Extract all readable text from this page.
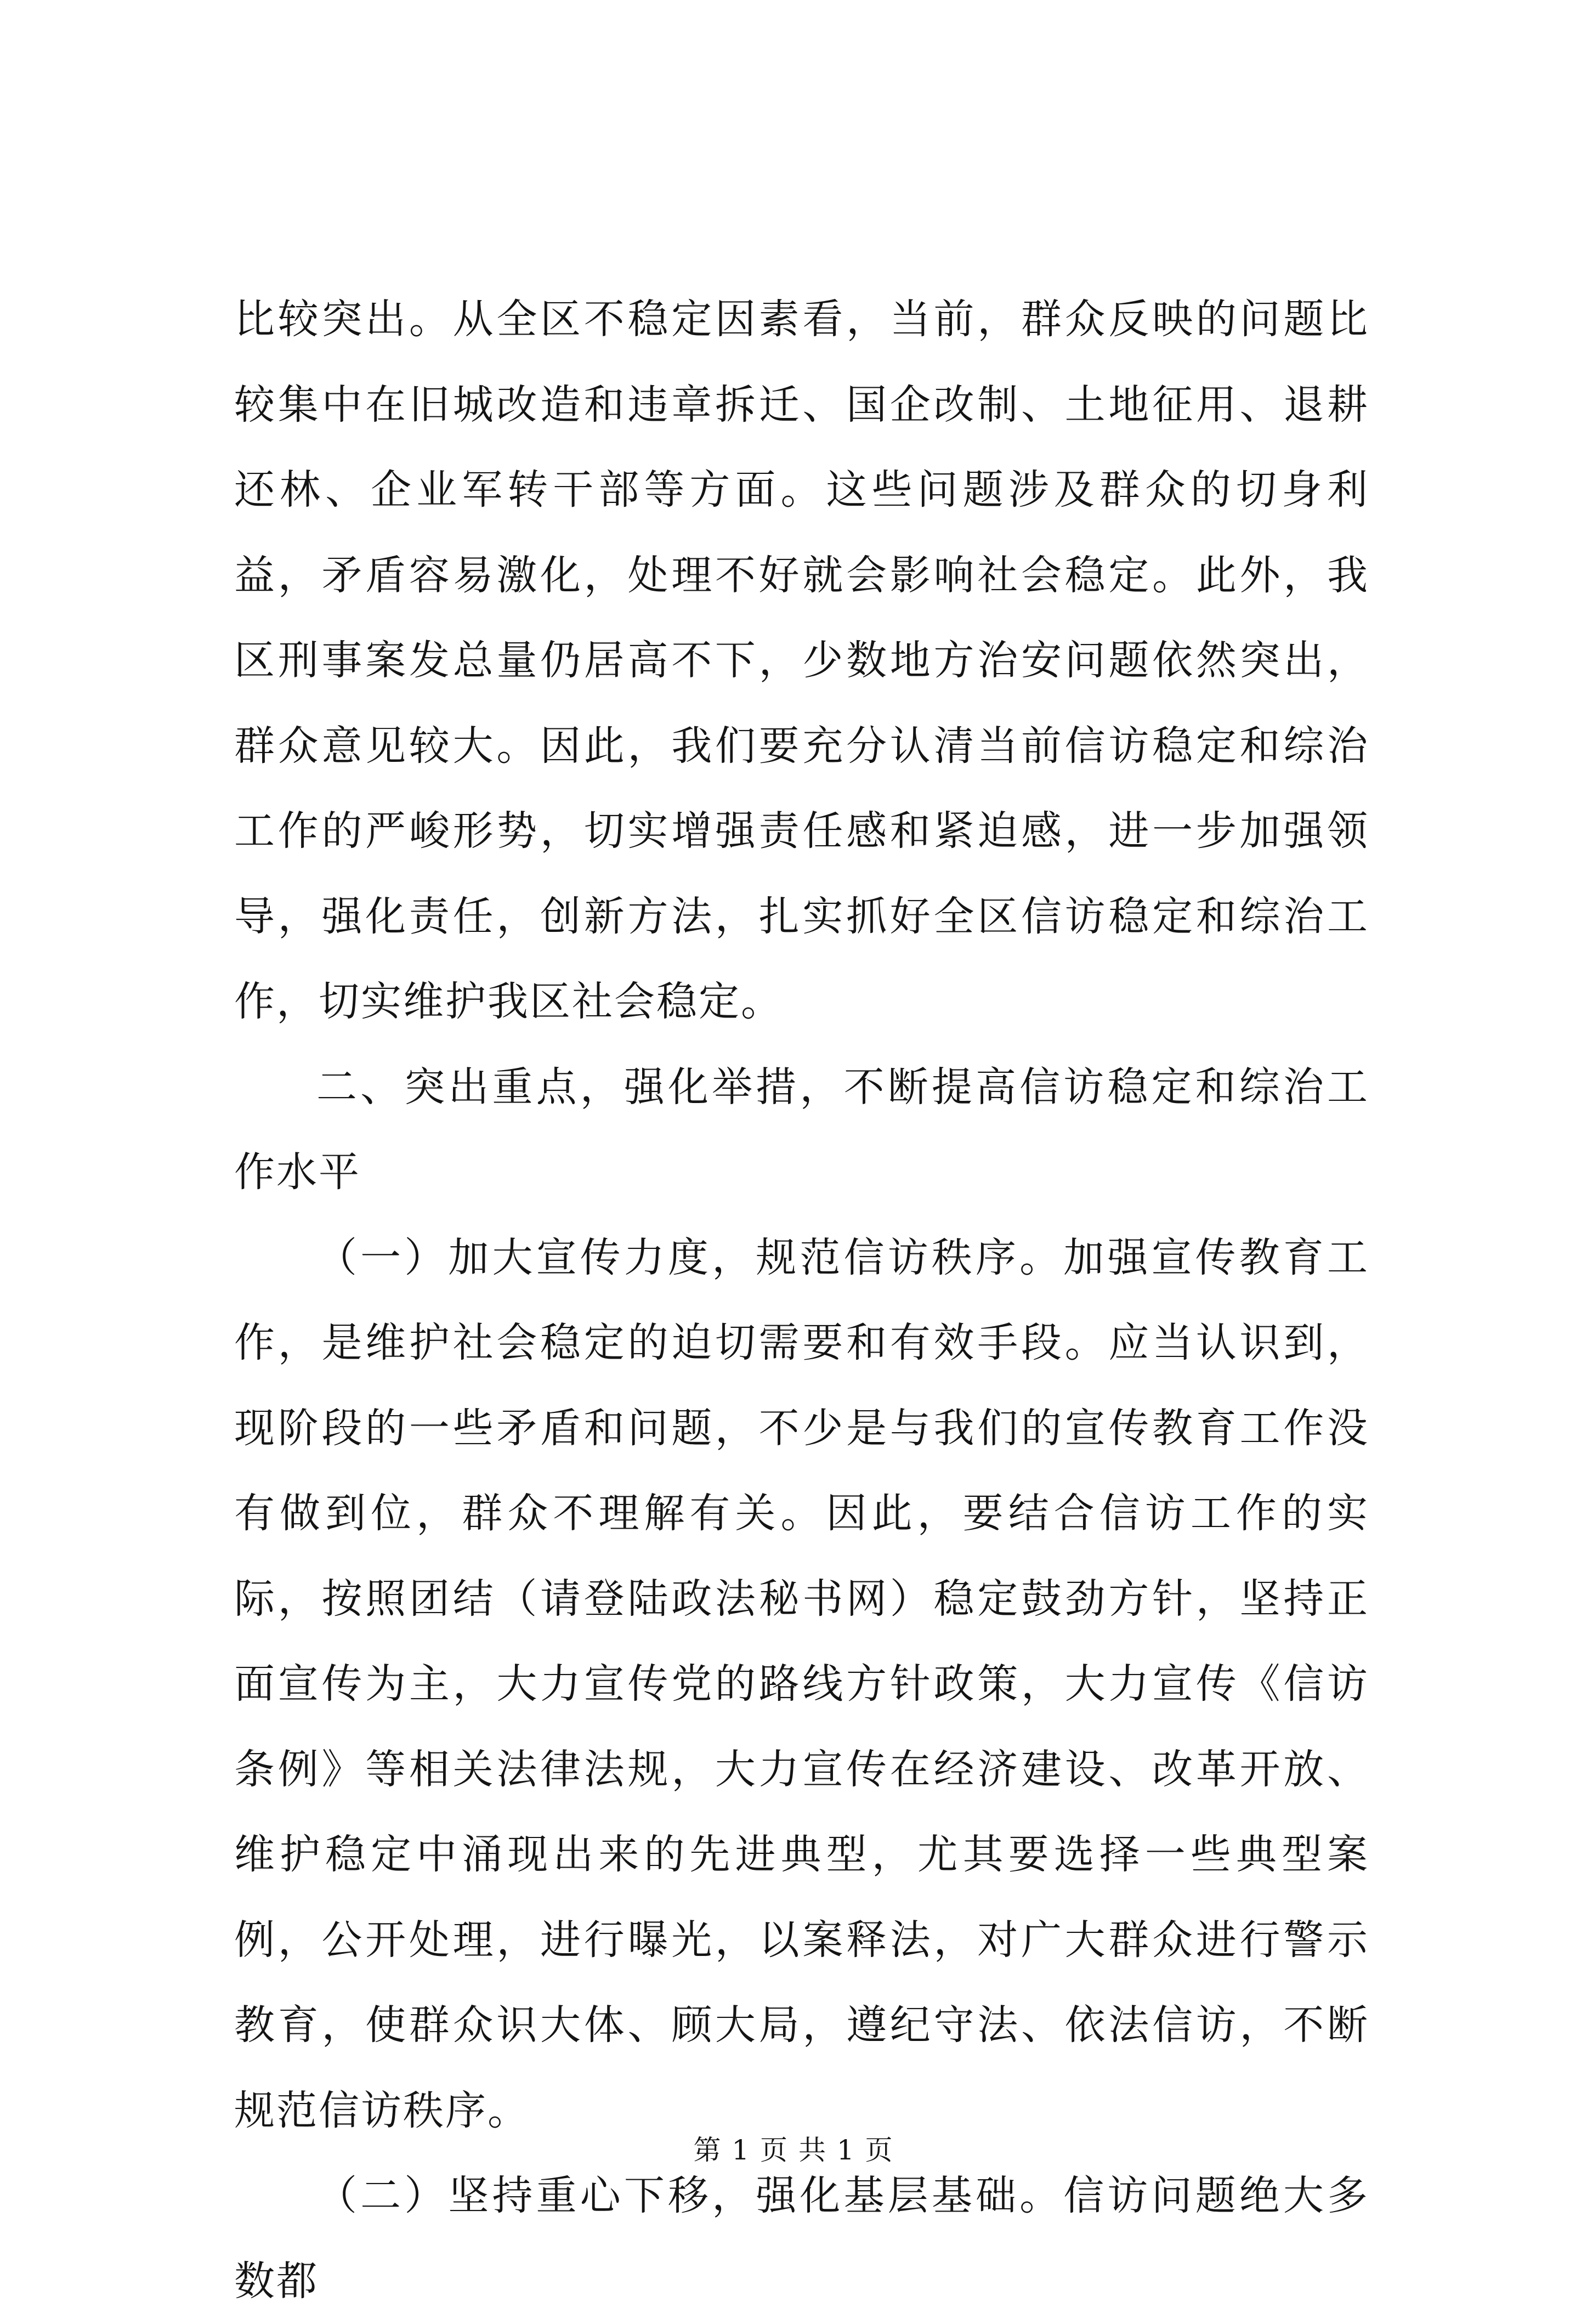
比较突出。从全区不稳定因素看，当前，群众反映的问题比较集中在旧城改造和违章拆迁、国企改制、土地征用、退耕还林、企业军转干部等方面。这些问题涉及群众的切身利益，矛盾容易激化，处理不好就会影响社会稳定。此外，我区刑事案发总量仍居高不下，少数地方治安问题依然突出，群众意见较大。因此，我们要充分认清当前信访稳定和综治工作的严峻形势，切实增强责任感和紧迫感，进一步加强领导，强化责任，创新方法，扎实抓好全区信访稳定和综治工作，切实维护我区社会稳定。

二、突出重点，强化举措，不断提高信访稳定和综治工作水平

（一）加大宣传力度，规范信访秩序。加强宣传教育工作，是维护社会稳定的迫切需要和有效手段。应当认识到，现阶段的一些矛盾和问题，不少是与我们的宣传教育工作没有做到位，群众不理解有关。因此，要结合信访工作的实际，按照团结（请登陆政法秘书网）稳定鼓劲方针，坚持正面宣传为主，大力宣传党的路线方针政策，大力宣传《信访条例》等相关法律法规，大力宣传在经济建设、改革开放、维护稳定中涌现出来的先进典型，尤其要选择一些典型案例，公开处理，进行曝光，以案释法，对广大群众进行警示教育，使群众识大体、顾大局，遵纪守法、依法信访，不断规范信访秩序。

（二）坚持重心下移，强化基层基础。信访问题绝大多数都

第 1 页 共 1 页
